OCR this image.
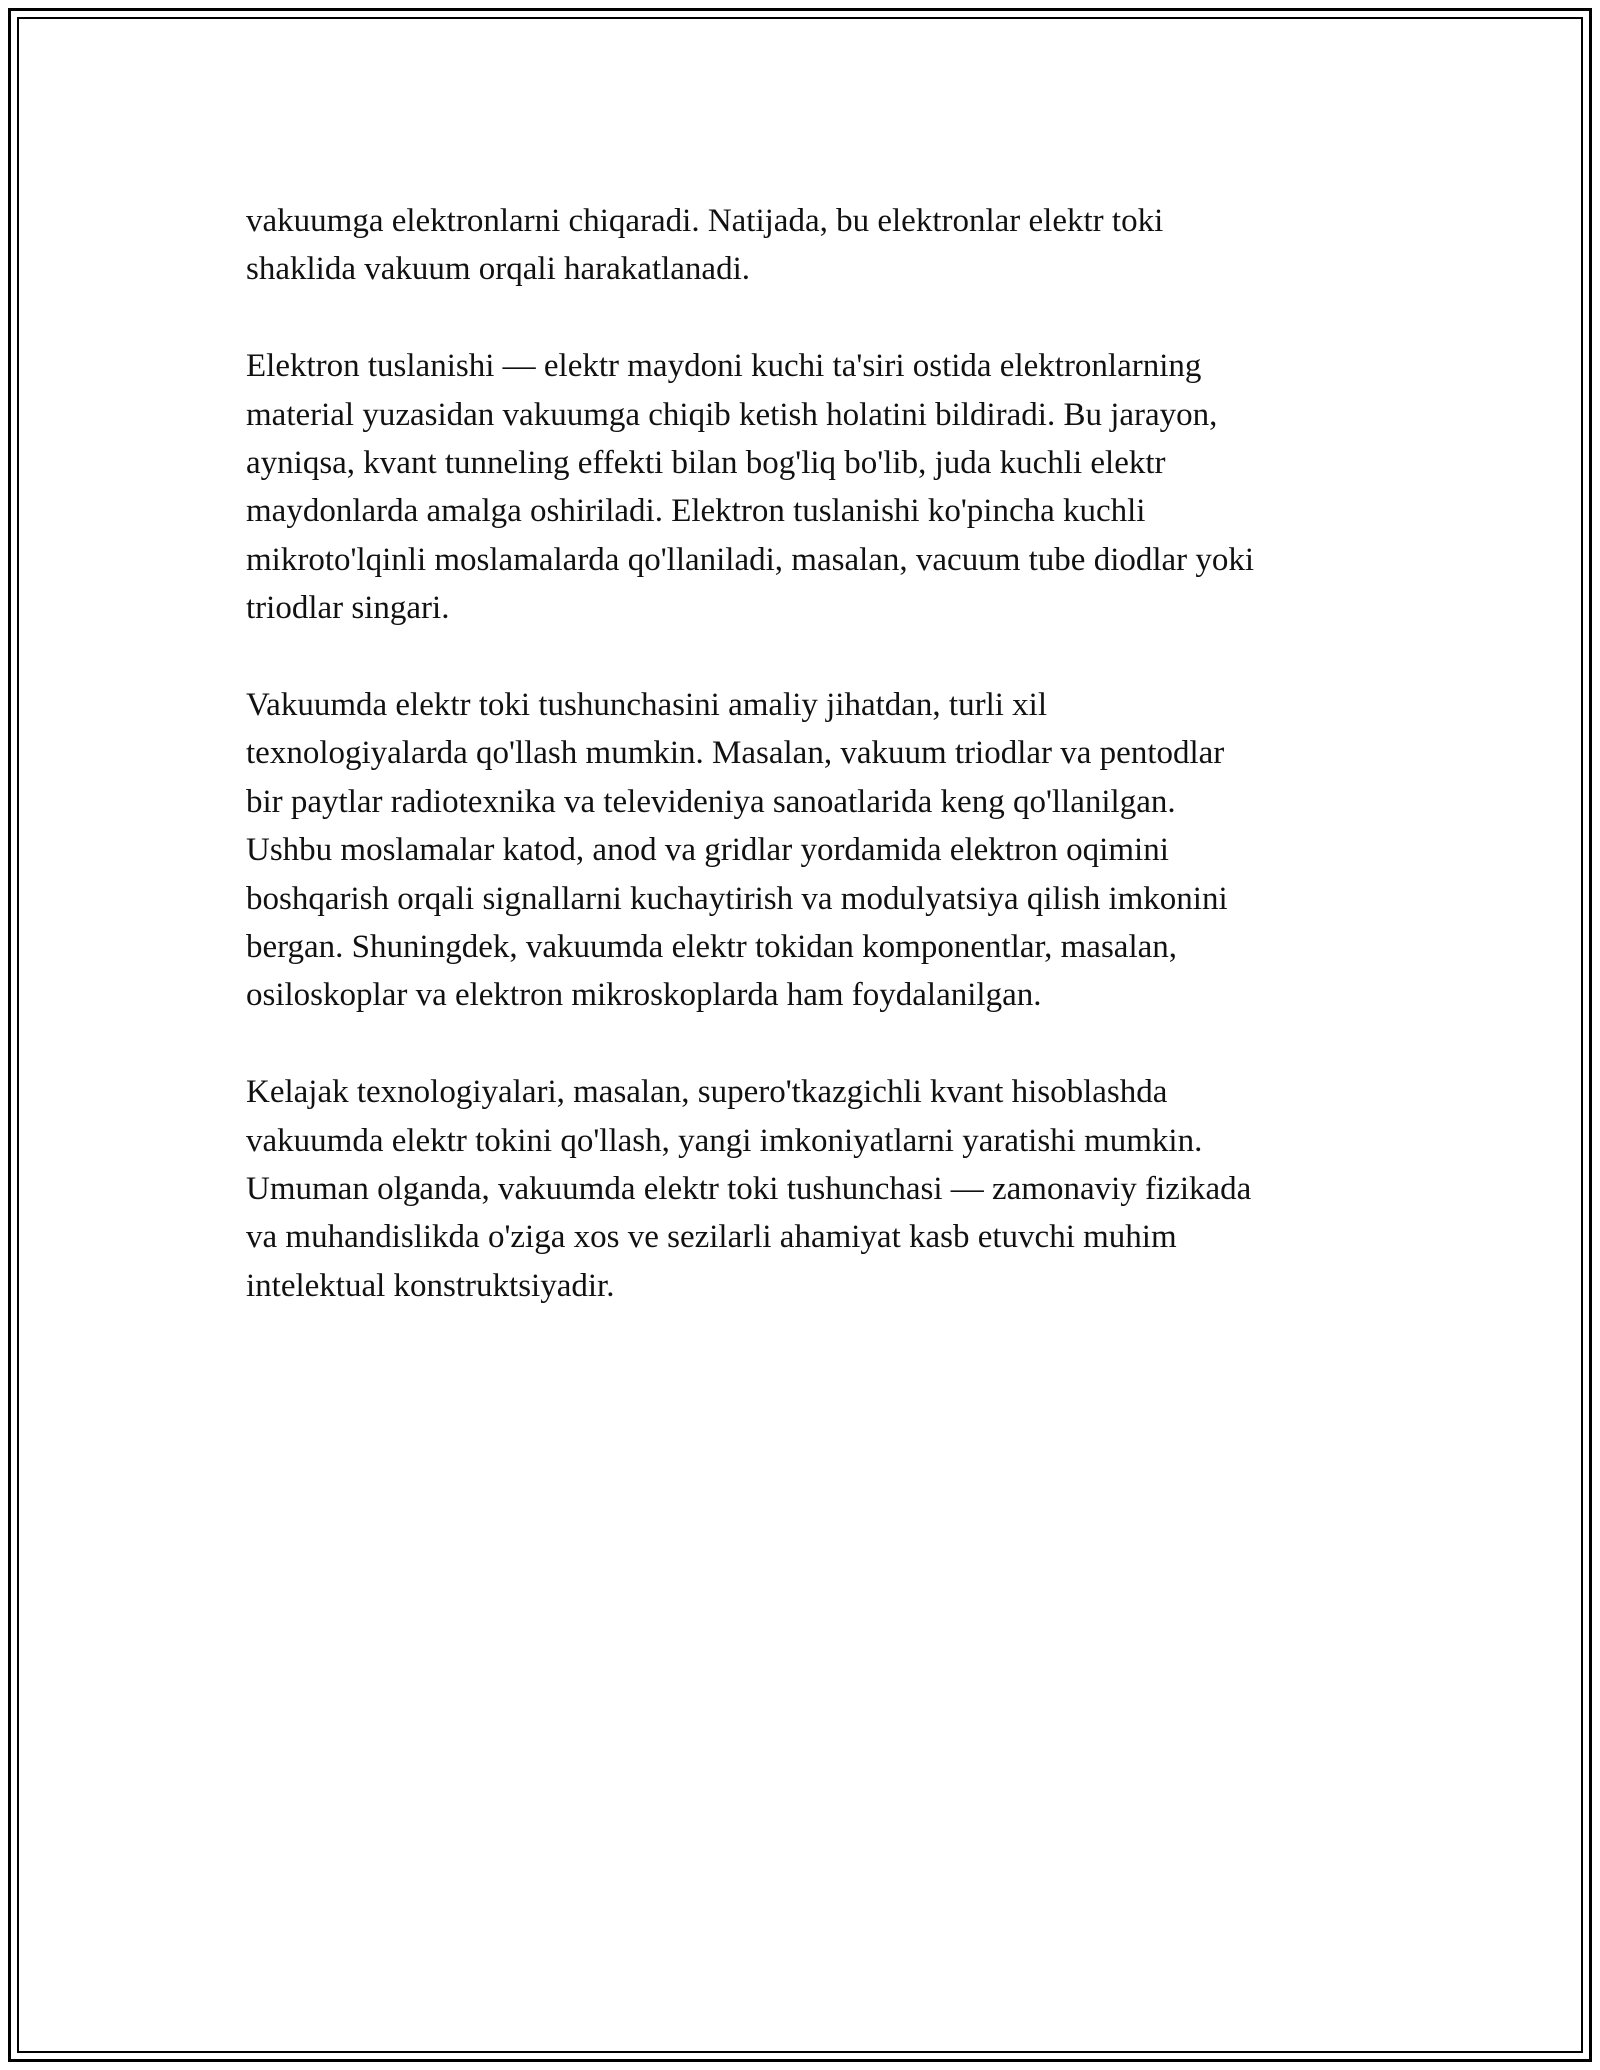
vakuumga elektronlarni chiqaradi. Natijada, bu elektronlar elektr toki
shaklida vakuum orqali harakatlanadi.

Elektron tuslanishi — elektr maydoni kuchi ta'siri ostida elektronlarning
material yuzasidan vakuumga chiqib ketish holatini bildiradi. Bu jarayon,
ayniqsa, kvant tunneling effekti bilan bog'liq bo'lib, juda kuchli elektr
maydonlarda amalga oshiriladi. Elektron tuslanishi ko'pincha kuchli
mikroto'lqinli moslamalarda qo'llaniladi, masalan, vacuum tube diodlar yoki
triodlar singari.

Vakuumda elektr toki tushunchasini amaliy jihatdan, turli xil
texnologiyalarda qo'llash mumkin. Masalan, vakuum triodlar va pentodlar
bir paytlar radiotexnika va televideniya sanoatlarida keng qo'llanilgan.
Ushbu moslamalar katod, anod va gridlar yordamida elektron oqimini
boshqarish orqali signallarni kuchaytirish va modulyatsiya qilish imkonini
bergan. Shuningdek, vakuumda elektr tokidan komponentlar, masalan,
osiloskoplar va elektron mikroskoplarda ham foydalanilgan.

Kelajak texnologiyalari, masalan, supero'tkazgichli kvant hisoblashda
vakuumda elektr tokini qo'llash, yangi imkoniyatlarni yaratishi mumkin.
Umuman olganda, vakuumda elektr toki tushunchasi — zamonaviy fizikada
va muhandislikda o'ziga xos ve sezilarli ahamiyat kasb etuvchi muhim
intelektual konstruktsiyadir.
